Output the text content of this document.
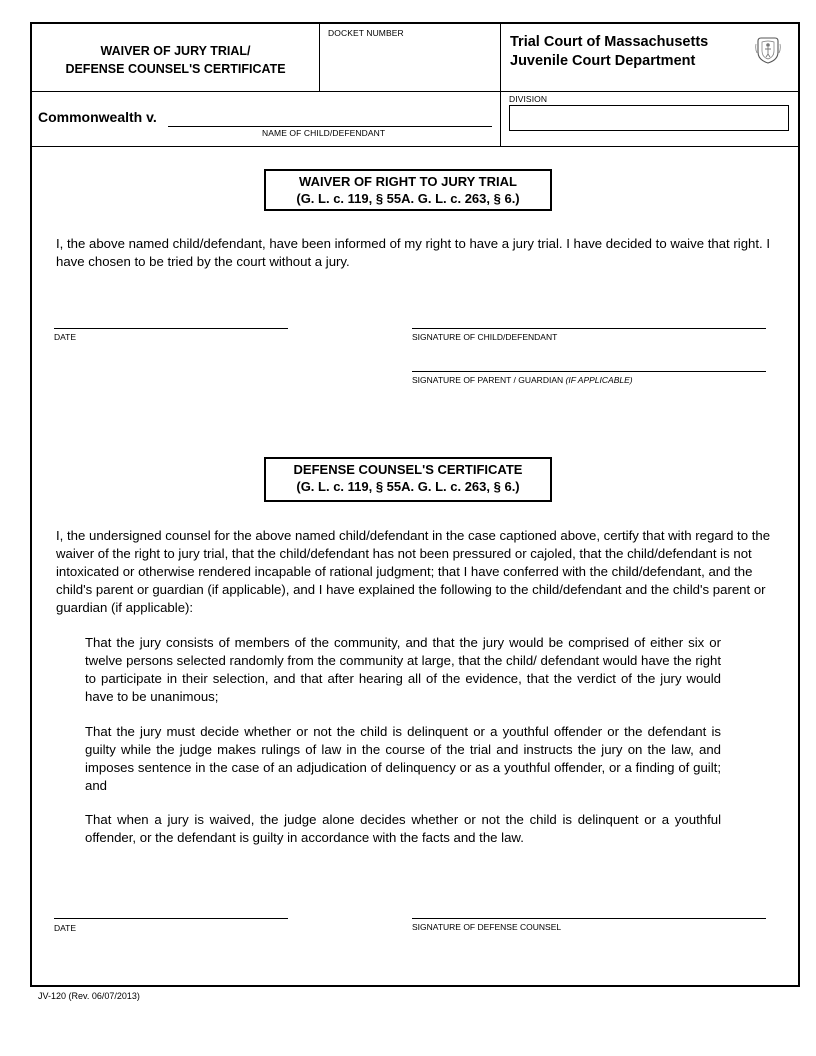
WAIVER OF JURY TRIAL/
DEFENSE COUNSEL'S CERTIFICATE
DOCKET NUMBER
Trial Court of Massachusetts
Juvenile Court Department
Commonwealth v.
NAME OF CHILD/DEFENDANT
DIVISION
WAIVER OF RIGHT TO JURY TRIAL
(G. L. c. 119, § 55A. G. L. c. 263, § 6.)
I, the above named child/defendant, have been informed of my right to have a jury trial. I have decided to waive that right. I have chosen to be tried by the court without a jury.
DATE	SIGNATURE OF CHILD/DEFENDANT
SIGNATURE OF PARENT / GUARDIAN (IF APPLICABLE)
DEFENSE COUNSEL'S CERTIFICATE
(G. L. c. 119, § 55A. G. L. c. 263, § 6.)
I, the undersigned counsel for the above named child/defendant in the case captioned above, certify that with regard to the waiver of the right to jury trial, that the child/defendant has not been pressured or cajoled, that the child/defendant is not intoxicated or otherwise rendered incapable of rational judgment; that I have conferred with the child/defendant, and the child's parent or guardian (if applicable), and I have explained the following to the child/defendant and the child's parent or guardian (if applicable):
That the jury consists of members of the community, and that the jury would be comprised of either six or twelve persons selected randomly from the community at large, that the child/ defendant would have the right to participate in their selection, and that after hearing all of the evidence, that the verdict of the jury would have to be unanimous;
That the jury must decide whether or not the child is delinquent or a youthful offender or the defendant is guilty while the judge makes rulings of law in the course of the trial and instructs the jury on the law, and imposes sentence in the case of an adjudication of delinquency or as a youthful offender, or a finding of guilt; and
That when a jury is waived, the judge alone decides whether or not the child is delinquent or a youthful offender, or the defendant is guilty in accordance with the facts and the law.
DATE	SIGNATURE OF DEFENSE COUNSEL
JV-120 (Rev. 06/07/2013)
